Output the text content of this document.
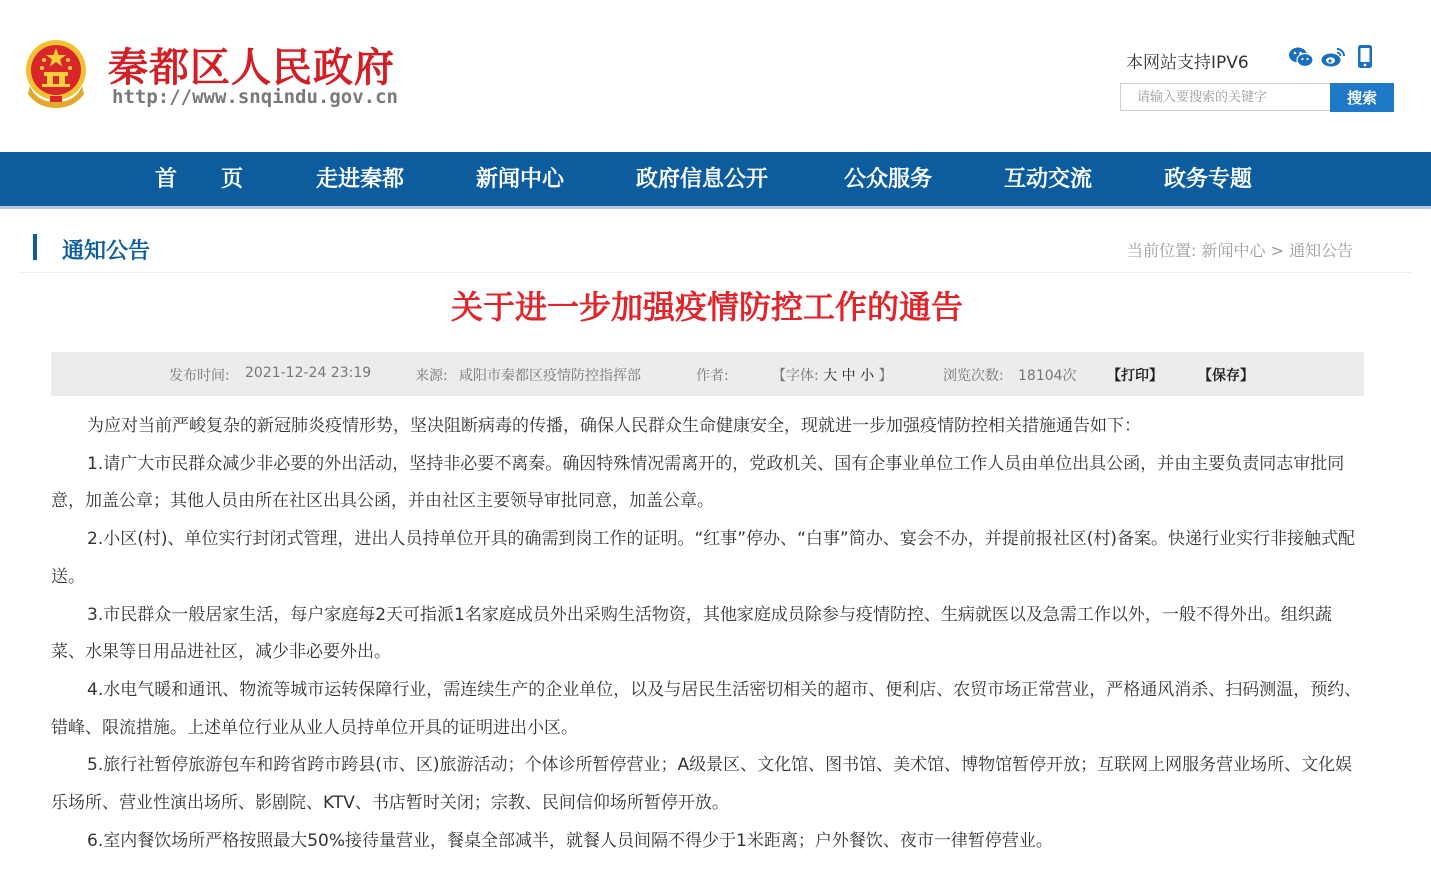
秦都区人民政府
http://www.snqindu.gov.cn
本网站支持IPV6
请输入要搜索的关键字
搜索
首　　页	走进秦都	新闻中心	政府信息公开	公众服务	互动交流	政务专题
通知公告	当前位置: 新闻中心 > 通知公告
关于进一步加强疫情防控工作的通告
发布时间: 2021-12-24 23:19	来源: 咸阳市秦都区疫情防控指挥部	作者:	【字体: 大 中 小 】	浏览次数: 18104次 【打印】	【保存】

为应对当前严峻复杂的新冠肺炎疫情形势，坚决阻断病毒的传播，确保人民群众生命健康安全，现就进一步加强疫情防控相关措施通告如下：

1.请广大市民群众减少非必要的外出活动，坚持非必要不离秦。确因特殊情况需离开的，党政机关、国有企事业单位工作人员由单位出具公函，并由主要负责同志审批同意，加盖公章；其他人员由所在社区出具公函，并由社区主要领导审批同意，加盖公章。

2.小区(村)、单位实行封闭式管理，进出人员持单位开具的确需到岗工作的证明。“红事”停办、“白事”简办、宴会不办，并提前报社区(村)备案。快递行业实行非接触式配送。

3.市民群众一般居家生活，每户家庭每2天可指派1名家庭成员外出采购生活物资，其他家庭成员除参与疫情防控、生病就医以及急需工作以外，一般不得外出。组织蔬菜、水果等日用品进社区，减少非必要外出。

4.水电气暖和通讯、物流等城市运转保障行业，需连续生产的企业单位，以及与居民生活密切相关的超市、便利店、农贸市场正常营业，严格通风消杀、扫码测温，预约、错峰、限流措施。上述单位行业从业人员持单位开具的证明进出小区。

5.旅行社暂停旅游包车和跨省跨市跨县(市、区)旅游活动；个体诊所暂停营业；A级景区、文化馆、图书馆、美术馆、博物馆暂停开放；互联网上网服务营业场所、文化娱乐场所、营业性演出场所、影剧院、KTV、书店暂时关闭；宗教、民间信仰场所暂停开放。

6.室内餐饮场所严格按照最大50%接待量营业，餐桌全部减半，就餐人员间隔不得少于1米距离；户外餐饮、夜市一律暂停营业。
